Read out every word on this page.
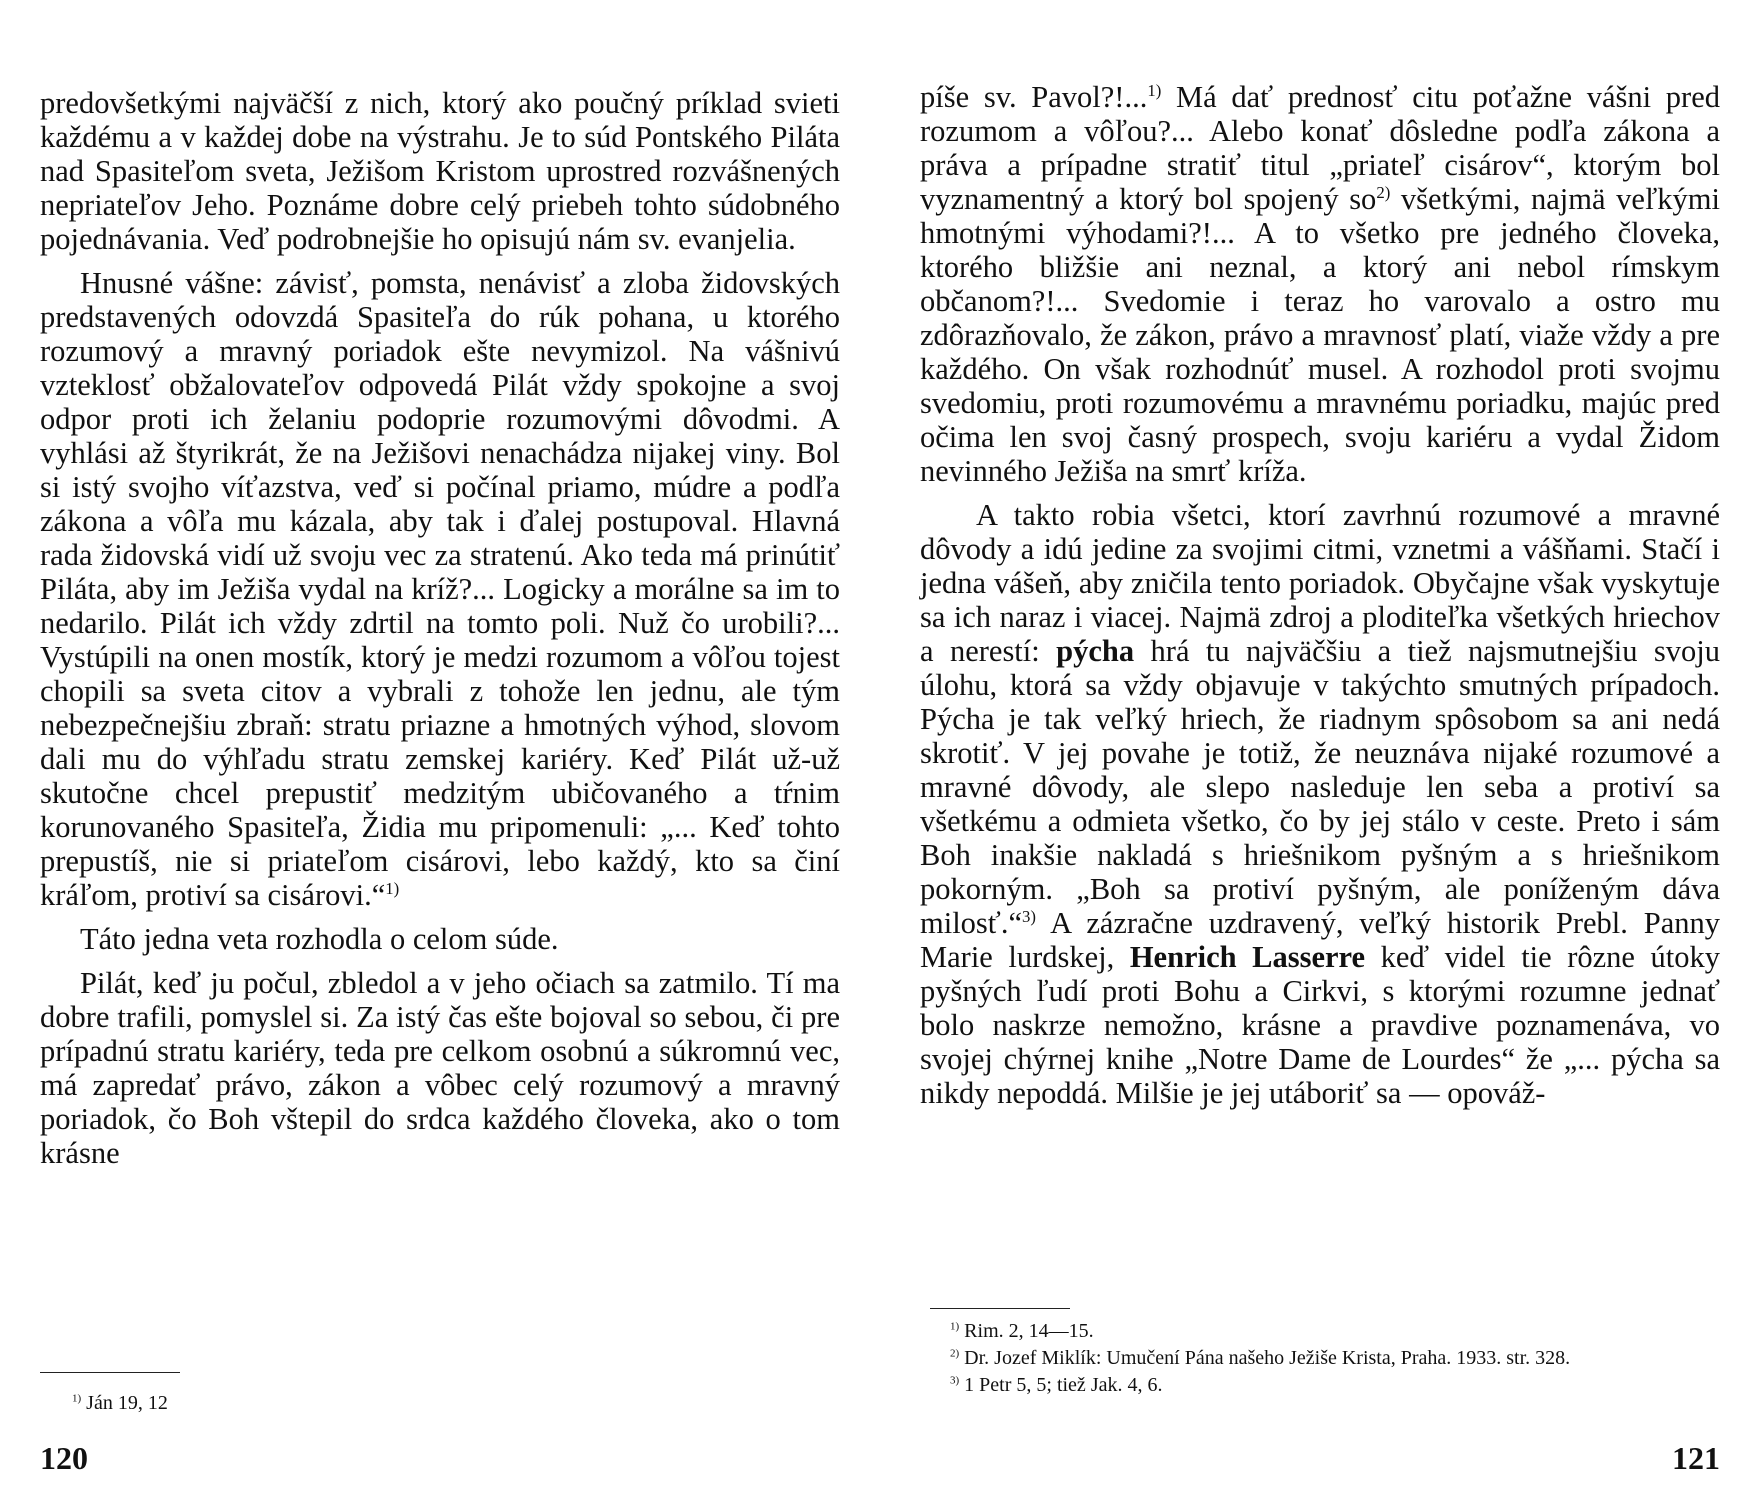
predovšetkými najväčší z nich, ktorý ako poučný príklad svieti každému a v každej dobe na výstrahu. Je to súd Pontského Piláta nad Spasiteľom sveta, Ježišom Kristom uprostred rozvášnených nepriateľov Jeho. Poznáme dobre celý priebeh tohto súdobného pojednávania. Veď podrobnejšie ho opisujú nám sv. evanjelia.

Hnusné vášne: závisť, pomsta, nenávisť a zloba židovských predstavených odovzdá Spasiteľa do rúk pohana, u ktorého rozumový a mravný poriadok ešte nevymizol. Na vášnivú vzteklosť obžalovateľov odpovedá Pilát vždy spokojne a svoj odpor proti ich želaniu podoprie rozumovými dôvodmi. A vyhlási až štyrikrát, že na Ježišovi nenachádza nijakej viny. Bol si istý svojho víťazstva, veď si počínal priamo, múdre a podľa zákona a vôľa mu kázala, aby tak i ďalej postupoval. Hlavná rada židovská vidí už svoju vec za stratenú. Ako teda má prinútiť Piláta, aby im Ježiša vydal na kríž?... Logicky a morálne sa im to nedarilo. Pilát ich vždy zdrtil na tomto poli. Nuž čo urobili?... Vystúpili na onen mostík, ktorý je medzi rozumom a vôľou tojest chopili sa sveta citov a vybrali z tohože len jednu, ale tým nebezpečnejšiu zbraň: stratu priazne a hmotných výhod, slovom dali mu do výhľadu stratu zemskej kariéry. Keď Pilát už-už skutočne chcel prepustiť medzitým ubičovaného a tŕnim korunovaného Spasiteľa, Židia mu pripomenuli: „... Keď tohto prepustíš, nie si priateľom cisárovi, lebo každý, kto sa činí kráľom, protiví sa cisárovi.“$^{1)}$

Táto jedna veta rozhodla o celom súde.

Pilát, keď ju počul, zbledol a v jeho očiach sa zatmilo. Tí ma dobre trafili, pomyslel si. Za istý čas ešte bojoval so sebou, či pre prípadnú stratu kariéry, teda pre celkom osobnú a súkromnú vec, má zapredať právo, zákon a vôbec celý rozumový a mravný poriadok, čo Boh vštepil do srdca každého človeka, ako o tom krásne

$^{1)}$ Ján 19, 12

120

píše sv. Pavol?!...$^{1)}$ Má dať prednosť citu poťažne vášni pred rozumom a vôľou?... Alebo konať dôsledne podľa zákona a práva a prípadne stratiť titul „priateľ cisárov“, ktorým bol vyznamentný a ktorý bol spojený $so^{2)}$ všetkými, najmä veľkými hmotnými výhodami?!... A to všetko pre jedného človeka, ktorého bližšie ani neznal, a ktorý ani nebol rímskym občanom?!... Svedomie i teraz ho varovalo a ostro mu zdôrazňovalo, že zákon, právo a mravnosť platí, viaže vždy a pre každého. On však rozhodnúť musel. A rozhodol proti svojmu svedomiu, proti rozumovému a mravnému poriadku, majúc pred očima len svoj časný prospech, svoju kariéru a vydal Židom nevinného Ježiša na smrť kríža.

A takto robia všetci, ktorí zavrhnú rozumové a mravné dôvody a idú jedine za svojimi citmi, vznetmi a vášňami. Stačí i jedna vášeň, aby zničila tento poriadok. Obyčajne však vyskytuje sa ich naraz i viacej. Najmä zdroj a ploditeľka všetkých hriechov a nerestí: pýcha hrá tu najväčšiu a tiež najsmutnejšiu svoju úlohu, ktorá sa vždy objavuje v takýchto smutných prípadoch. Pýcha je tak veľký hriech, že riadnym spôsobom sa ani nedá skrotiť. V jej povahe je totiž, že neuznáva nijaké rozumové a mravné dôvody, ale slepo nasleduje len seba a protiví sa všetkému a odmieta všetko, čo by jej stálo v ceste. Preto i sám Boh inakšie nakladá s hriešnikom pyšným a s hriešnikom pokorným. „Boh sa protiví pyšným, ale poníženým dáva milosť.“$^{3)}$ A zázračne uzdravený, veľký historik Prebl. Panny Marie lurdskej, Henrich Lasserre keď videl tie rôzne útoky pyšných ľudí proti Bohu a Cirkvi, s ktorými rozumne jednať bolo naskrze nemožno, krásne a pravdive poznamenáva, vo svojej chýrnej knihe „Notre Dame de Lourdes“ že „... pýcha sa nikdy nepoddá. Milšie je jej utáboriť sa — opováž-

$^{1)}$ Rim. 2, 14—15.

$^{2)}$ Dr. Jozef Miklík: Umučení Pána našeho Ježiše Krista, Praha. 1933. str. 328.

$^{3)}$ 1 Petr 5, 5; tiež Jak. 4, 6.

121
